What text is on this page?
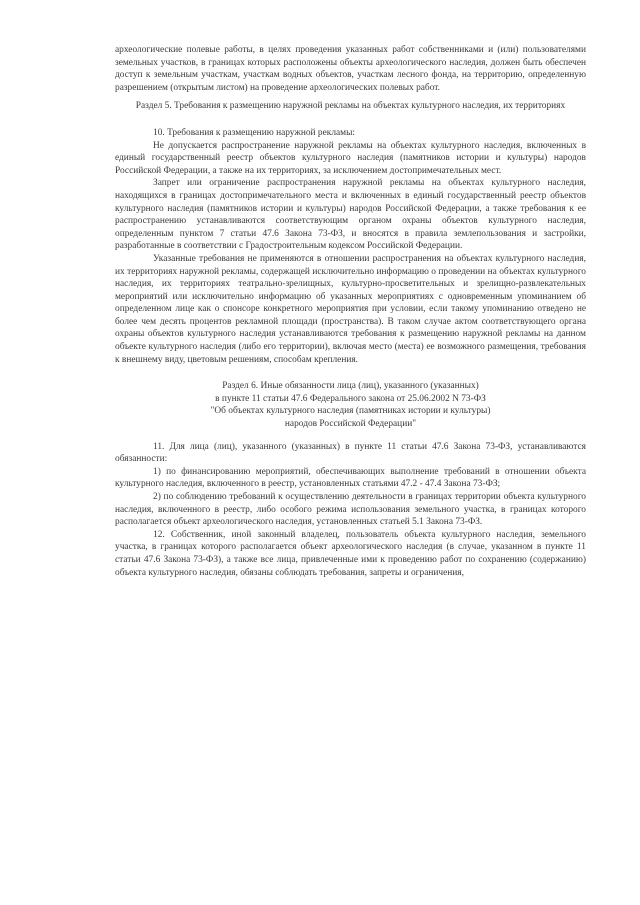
археологические полевые работы, в целях проведения указанных работ собственниками и (или) пользователями земельных участков, в границах которых расположены объекты археологического наследия, должен быть обеспечен доступ к земельным участкам, участкам водных объектов, участкам лесного фонда, на территорию, определенную разрешением (открытым листом) на проведение археологических полевых работ.

Раздел 5. Требования к размещению наружной рекламы на объектах культурного наследия, их территориях

10. Требования к размещению наружной рекламы:

Не допускается распространение наружной рекламы на объектах культурного наследия, включенных в единый государственный реестр объектов культурного наследия (памятников истории и культуры) народов Российской Федерации, а также на их территориях, за исключением достопримечательных мест.

Запрет или ограничение распространения наружной рекламы на объектах культурного наследия, находящихся в границах достопримечательного места и включенных в единый государственный реестр объектов культурного наследия (памятников истории и культуры) народов Российской Федерации, а также требования к ее распространению устанавливаются соответствующим органом охраны объектов культурного наследия, определенным пунктом 7 статьи 47.6 Закона 73-ФЗ, и вносятся в правила землепользования и застройки, разработанные в соответствии с Градостроительным кодексом Российской Федерации.

Указанные требования не применяются в отношении распространения на объектах культурного наследия, их территориях наружной рекламы, содержащей исключительно информацию о проведении на объектах культурного наследия, их территориях театрально-зрелищных, культурно-просветительных и зрелищно-развлекательных мероприятий или исключительно информацию об указанных мероприятиях с одновременным упоминанием об определенном лице как о спонсоре конкретного мероприятия при условии, если такому упоминанию отведено не более чем десять процентов рекламной площади (пространства). В таком случае актом соответствующего органа охраны объектов культурного наследия устанавливаются требования к размещению наружной рекламы на данном объекте культурного наследия (либо его территории), включая место (места) ее возможного размещения, требования к внешнему виду, цветовым решениям, способам крепления.

Раздел 6. Иные обязанности лица (лиц), указанного (указанных)

в пункте 11 статьи 47.6 Федерального закона от 25.06.2002 N 73-ФЗ

"Об объектах культурного наследия (памятниках истории и культуры)

народов Российской Федерации"

11. Для лица (лиц), указанного (указанных) в пункте 11 статьи 47.6 Закона 73-ФЗ, устанавливаются обязанности:

1) по финансированию мероприятий, обеспечивающих выполнение требований в отношении объекта культурного наследия, включенного в реестр, установленных статьями 47.2 - 47.4 Закона 73-ФЗ;

2) по соблюдению требований к осуществлению деятельности в границах территории объекта культурного наследия, включенного в реестр, либо особого режима использования земельного участка, в границах которого располагается объект археологического наследия, установленных статьей 5.1 Закона 73-ФЗ.

12. Собственник, иной законный владелец, пользователь объекта культурного наследия, земельного участка, в границах которого располагается объект археологического наследия (в случае, указанном в пункте 11 статьи 47.6 Закона 73-ФЗ), а также все лица, привлеченные ими к проведению работ по сохранению (содержанию) объекта культурного наследия, обязаны соблюдать требования, запреты и ограничения,
